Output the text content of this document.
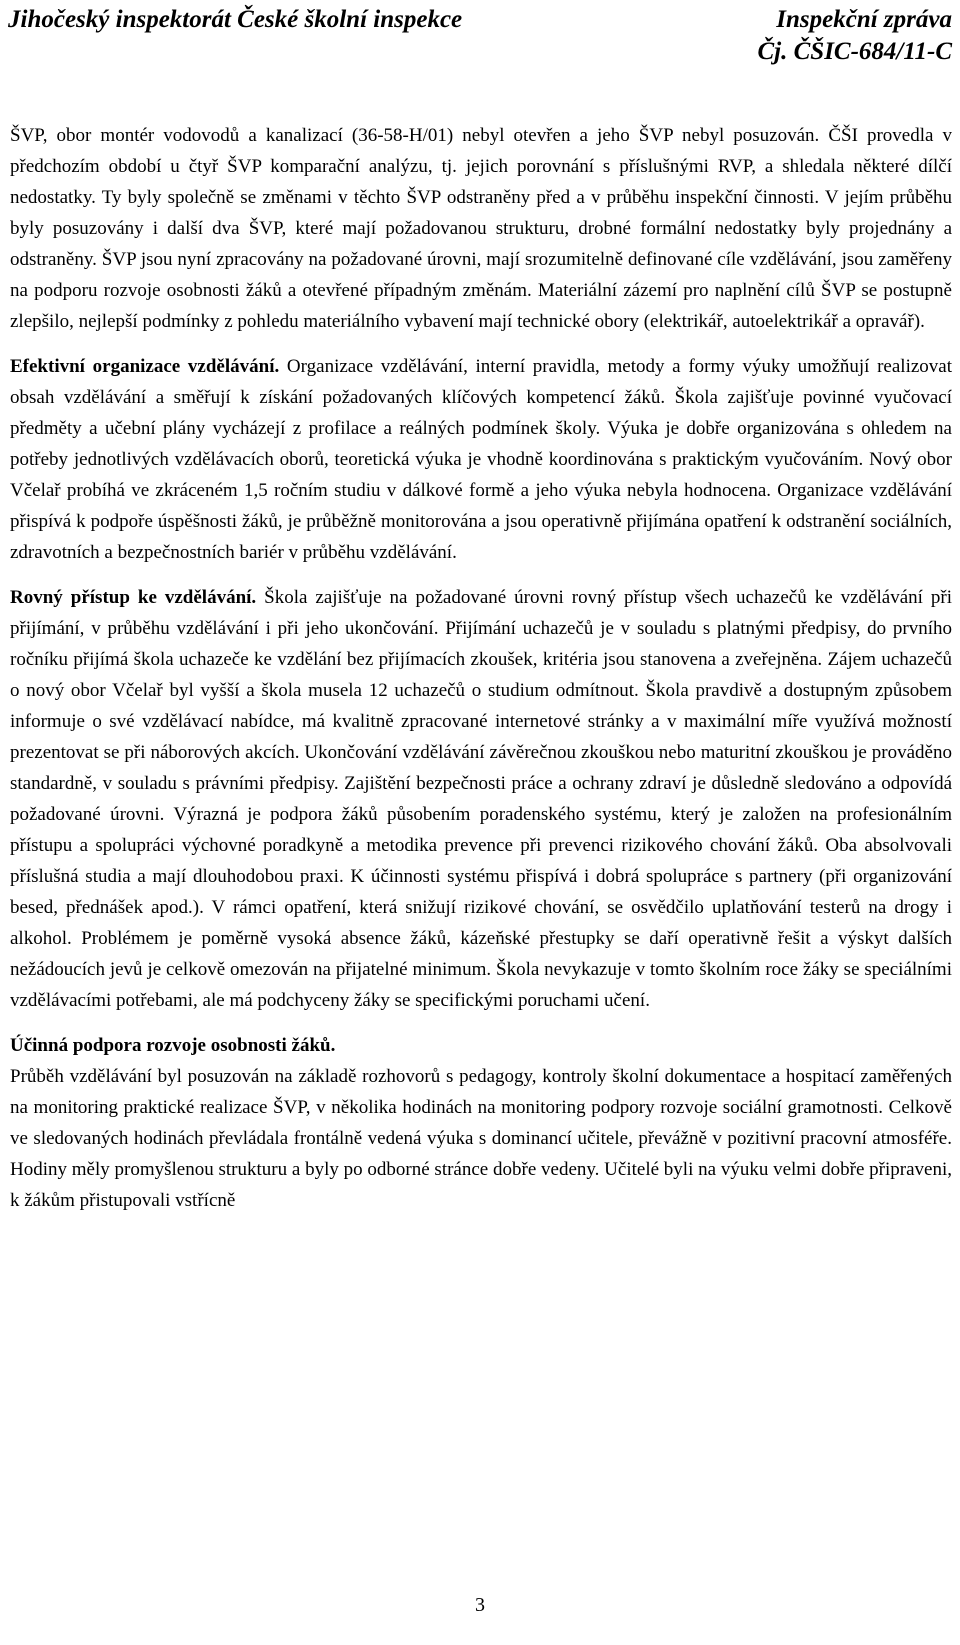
Jihočeský inspektorát České školní inspekce	Inspekční zpráva
Čj. ČŠIC-684/11-C

ŠVP, obor montér vodovodů a kanalizací (36-58-H/01) nebyl otevřen a jeho ŠVP nebyl posuzován. ČŠI provedla v předchozím období u čtyř ŠVP komparační analýzu, tj. jejich porovnání s příslušnými RVP, a shledala některé dílčí nedostatky. Ty byly společně se změnami v těchto ŠVP odstraněny před a v průběhu inspekční činnosti. V jejím průběhu byly posuzovány i další dva ŠVP, které mají požadovanou strukturu, drobné formální nedostatky byly projednány a odstraněny. ŠVP jsou nyní zpracovány na požadované úrovni, mají srozumitelně definované cíle vzdělávání, jsou zaměřeny na podporu rozvoje osobnosti žáků a otevřené případným změnám. Materiální zázemí pro naplnění cílů ŠVP se postupně zlepšilo, nejlepší podmínky z pohledu materiálního vybavení mají technické obory (elektrikář, autoelektrikář a opravář).

Efektivní organizace vzdělávání. Organizace vzdělávání, interní pravidla, metody a formy výuky umožňují realizovat obsah vzdělávání a směřují k získání požadovaných klíčových kompetencí žáků. Škola zajišťuje povinné vyučovací předměty a učební plány vycházejí z profilace a reálných podmínek školy. Výuka je dobře organizována s ohledem na potřeby jednotlivých vzdělávacích oborů, teoretická výuka je vhodně koordinována s praktickým vyučováním. Nový obor Včelař probíhá ve zkráceném 1,5 ročním studiu v dálkové formě a jeho výuka nebyla hodnocena. Organizace vzdělávání přispívá k podpoře úspěšnosti žáků, je průběžně monitorována a jsou operativně přijímána opatření k odstranění sociálních, zdravotních a bezpečnostních bariér v průběhu vzdělávání.

Rovný přístup ke vzdělávání. Škola zajišťuje na požadované úrovni rovný přístup všech uchazečů ke vzdělávání při přijímání, v průběhu vzdělávání i při jeho ukončování. Přijímání uchazečů je v souladu s platnými předpisy, do prvního ročníku přijímá škola uchazeče ke vzdělání bez přijímacích zkoušek, kritéria jsou stanovena a zveřejněna. Zájem uchazečů o nový obor Včelař byl vyšší a škola musela 12 uchazečů o studium odmítnout. Škola pravdivě a dostupným způsobem informuje o své vzdělávací nabídce, má kvalitně zpracované internetové stránky a v maximální míře využívá možností prezentovat se při náborových akcích. Ukončování vzdělávání závěrečnou zkouškou nebo maturitní zkouškou je prováděno standardně, v souladu s právními předpisy. Zajištění bezpečnosti práce a ochrany zdraví je důsledně sledováno a odpovídá požadované úrovni. Výrazná je podpora žáků působením poradenského systému, který je založen na profesionálním přístupu a spolupráci výchovné poradkyně a metodika prevence při prevenci rizikového chování žáků. Oba absolvovali příslušná studia a mají dlouhodobou praxi. K účinnosti systému přispívá i dobrá spolupráce s partnery (při organizování besed, přednášek apod.). V rámci opatření, která snižují rizikové chování, se osvědčilo uplatňování testerů na drogy i alkohol. Problémem je poměrně vysoká absence žáků, kázeňské přestupky se daří operativně řešit a výskyt dalších nežádoucích jevů je celkově omezován na přijatelné minimum. Škola nevykazuje v tomto školním roce žáky se speciálními vzdělávacími potřebami, ale má podchyceny žáky se specifickými poruchami učení.

Účinná podpora rozvoje osobnosti žáků.
Průběh vzdělávání byl posuzován na základě rozhovorů s pedagogy, kontroly školní dokumentace a hospitací zaměřených na monitoring praktické realizace ŠVP, v několika hodinách na monitoring podpory rozvoje sociální gramotnosti. Celkově ve sledovaných hodinách převládala frontálně vedená výuka s dominancí učitele, převážně v pozitivní pracovní atmosféře. Hodiny měly promyšlenou strukturu a byly po odborné stránce dobře vedeny. Učitelé byli na výuku velmi dobře připraveni, k žákům přistupovali vstřícně

3
